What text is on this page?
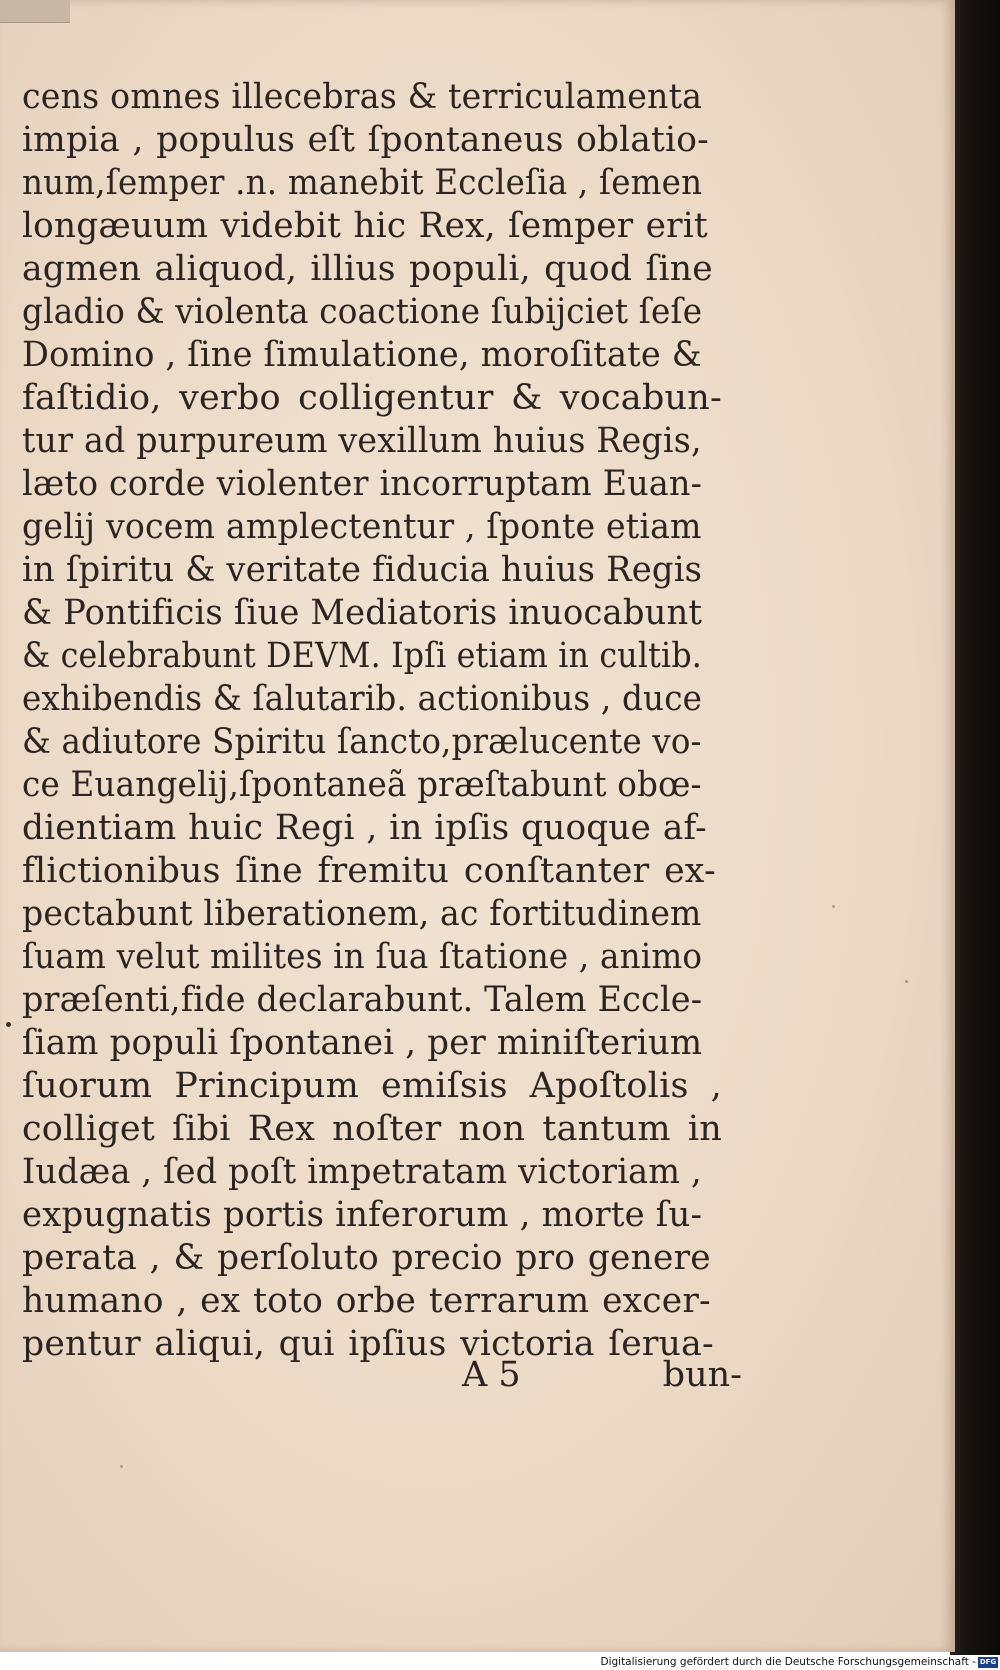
cens omnes illecebras & terriculamenta
impia , populus eſt ſpontaneus oblatio-
num,ſemper .n. manebit Eccleſia , ſemen
longæuum videbit hic Rex, ſemper erit
agmen aliquod, illius populi, quod ſine
gladio & violenta coactione ſubijciet ſeſe
Domino , ſine ſimulatione, moroſitate &
faſtidio, verbo colligentur & vocabun-
tur ad purpureum vexillum huius Regis,
læto corde violenter incorruptam Euan-
gelij vocem amplectentur , ſponte etiam
in ſpiritu & veritate fiducia huius Regis
& Pontificis ſiue Mediatoris inuocabunt
& celebrabunt DEVM. Ipſi etiam in cultib.
exhibendis & ſalutarib. actionibus , duce
& adiutore Spiritu ſancto,prælucente vo-
ce Euangelij,ſpontaneã præſtabunt obœ-
dientiam huic Regi , in ipſis quoque af-
flictionibus ſine fremitu conſtanter ex-
pectabunt liberationem, ac fortitudinem
ſuam velut milites in ſua ſtatione , animo
præſenti,fide declarabunt. Talem Eccle-
ſiam populi ſpontanei , per miniſterium
ſuorum Principum emiſsis Apoſtolis ,
colliget ſibi Rex noſter non tantum in
Iudæa , ſed poſt impetratam victoriam ,
expugnatis portis inferorum , morte ſu-
perata , & perſoluto precio pro genere
humano , ex toto orbe terrarum excer-
pentur aliqui, qui ipſius victoria ſerua-
A 5	bun-
Digitalisierung gefördert durch die Deutsche Forschungsgemeinschaft - DFG
